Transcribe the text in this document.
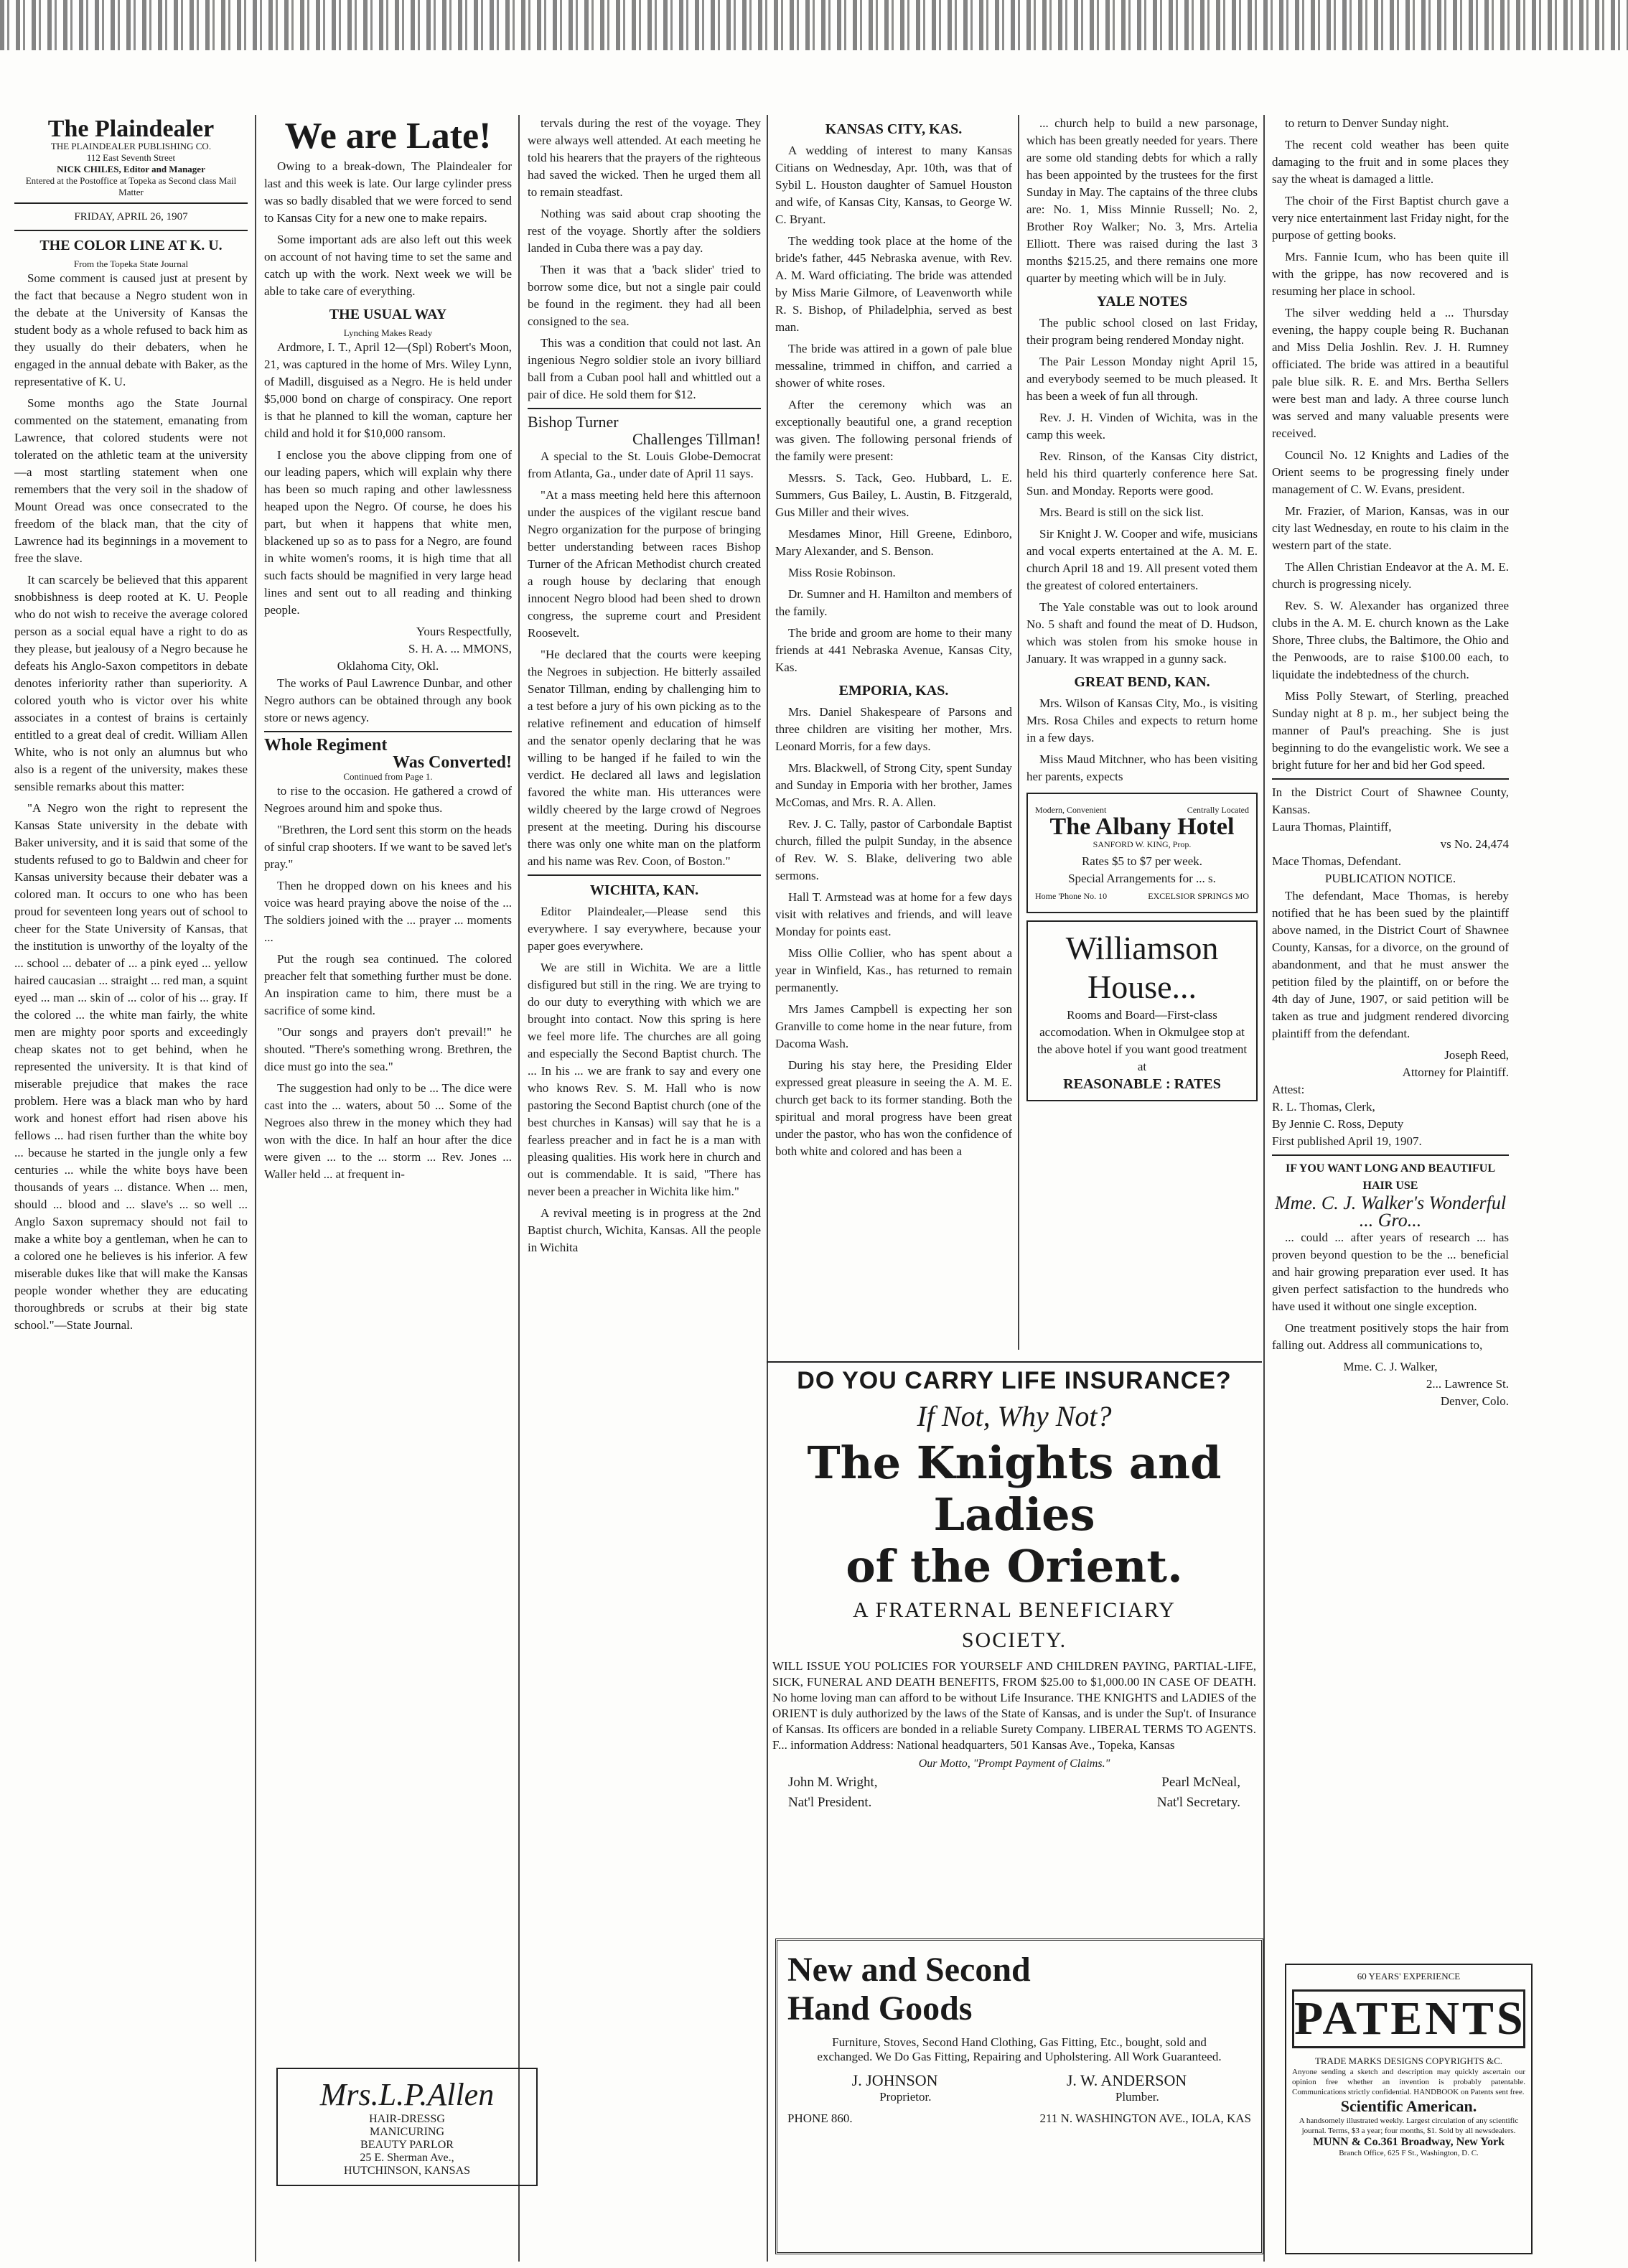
The Plaindealer
THE PLAINDEALER PUBLISHING CO.
112 East Seventh Street
NICK CHILES, Editor and Manager
Entered at the Postoffice at Topeka as Second class Mail Matter
FRIDAY, APRIL 26, 1907
THE COLOR LINE AT K. U.
From the Topeka State Journal

Some comment is caused just at present by the fact that because a Negro student won in the debate at the University of Kansas the student body as a whole refused to back him as they usually do their debaters, when he engaged in the annual debate with Baker, as the representative of K. U.

Some months ago the State Journal commented on the statement, emanating from Lawrence, that colored students were not tolerated on the athletic team at the university—a most startling statement when one remembers that the very soil in the shadow of Mount Oread was once consecrated to the freedom of the black man, that the city of Lawrence had its beginnings in a movement to free the slave.

It can scarcely be believed that this apparent snobbishness is deep rooted at K. U. People who do not wish to receive the average colored person as a social equal have a right to do as they please, but jealousy of a Negro because he defeats his Anglo-Saxon competitors in debate denotes inferiority rather than superiority. A colored youth who is victor over his white associates in a contest of brains is certainly entitled to a great deal of credit. William Allen White, who is not only an alumnus but who also is a regent of the university, makes these sensible remarks about this matter:

"A Negro won the right to represent the Kansas State university in the debate with Baker university, and it is said that some of the students refused to go to Baldwin and cheer for Kansas university because their debater was a colored man. It occurs to one who has been proud for seventeen long years out of school to cheer for the State University of Kansas, that the institution is unworthy of the loyalty of the ... school ... debater of ... a pink eyed ... yellow haired caucasian ... straight ... red man, a squint eyed ... man ... skin of ... color of his ... gray. If the colored ... the white man fairly, the white men are mighty poor sports and exceedingly cheap skates not to get behind, when he represented the university. It is that kind of miserable prejudice that makes the race problem. Here was a black man who by hard work and honest effort had risen above his fellows ... had risen further than the white boy ... because he started in the jungle only a few centuries ... while the white boys have been thousands of years ... distance. When ... men, should ... blood and ... slave's ... so well ... Anglo Saxon supremacy should not fail to make a white boy a gentleman, when he can to a colored one he believes is his inferior. A few miserable dukes like that will make the Kansas people wonder whether they are educating thoroughbreds or scrubs at their big state school."—State Journal.

We are Late!

Owing to a break-down, The Plaindealer for last and this week is late. Our large cylinder press was so badly disabled that we were forced to send to Kansas City for a new one to make repairs.

Some important ads are also left out this week on account of not having time to set the same and catch up with the work. Next week we will be able to take care of everything.

THE USUAL WAY
Lynching Makes Ready

Ardmore, I. T., April 12—(Spl) Robert's Moon, 21, was captured in the home of Mrs. Wiley Lynn, of Madill, disguised as a Negro. He is held under $5,000 bond on charge of conspiracy. One report is that he planned to kill the woman, capture her child and hold it for $10,000 ransom.

I enclose you the above clipping from one of our leading papers, which will explain why there has been so much raping and other lawlessness heaped upon the Negro. Of course, he does his part, but when it happens that white men, blackened up so as to pass for a Negro, are found in white women's rooms, it is high time that all such facts should be magnified in very large head lines and sent out to all reading and thinking people.

Yours Respectfully,
S. H. A. ... MMONS,
Oklahoma City, Okl.

The works of Paul Lawrence Dunbar, and other Negro authors can be obtained through any book store or news agency.

Whole Regiment
Was Converted!
Continued from Page 1.

to rise to the occasion. He gathered a crowd of Negroes around him and spoke thus.

"Brethren, the Lord sent this storm on the heads of sinful crap shooters. If we want to be saved let's pray."

Then he dropped down on his knees and his voice was heard praying above the noise of the ... The soldiers joined with the ... prayer ... moments ...

Put the rough sea continued. The colored preacher felt that something further must be done. An inspiration came to him, there must be a sacrifice of some kind.

"Our songs and prayers don't prevail!" he shouted. "There's something wrong. Brethren, the dice must go into the sea."

The suggestion had only to be ... The dice were cast into the ... waters, about 50 ... Some of the Negroes also threw in the money which they had won with the dice. In half an hour after the dice were given ... to the ... storm ... Rev. Jones ... Waller held ... at frequent in-

Mrs.L.P.Allen
HAIR-DRESSG
MANICURING
BEAUTY PARLOR
25 E. Sherman Ave.,
HUTCHINSON, KANSAS

tervals during the rest of the voyage. They were always well attended. At each meeting he told his hearers that the prayers of the righteous had saved the wicked. Then he urged them all to remain steadfast.

Nothing was said about crap shooting the rest of the voyage. Shortly after the soldiers landed in Cuba there was a pay day.

Then it was that a 'back slider' tried to borrow some dice, but not a single pair could be found in the regiment. they had all been consigned to the sea.

This was a condition that could not last. An ingenious Negro soldier stole an ivory billiard ball from a Cuban pool hall and whittled out a pair of dice. He sold them for $12.

Bishop Turner
Challenges Tillman!

A special to the St. Louis Globe-Democrat from Atlanta, Ga., under date of April 11 says.

"At a mass meeting held here this afternoon under the auspices of the vigilant rescue band Negro organization for the purpose of bringing better understanding between races Bishop Turner of the African Methodist church created a rough house by declaring that enough innocent Negro blood had been shed to drown congress, the supreme court and President Roosevelt.

"He declared that the courts were keeping the Negroes in subjection. He bitterly assailed Senator Tillman, ending by challenging him to a test before a jury of his own picking as to the relative refinement and education of himself and the senator openly declaring that he was willing to be hanged if he failed to win the verdict. He declared all laws and legislation favored the white man. His utterances were wildly cheered by the large crowd of Negroes present at the meeting. During his discourse there was only one white man on the platform and his name was Rev. Coon, of Boston."

WICHITA, KAN.

Editor Plaindealer,—Please send this everywhere. I say everywhere, because your paper goes everywhere.

We are still in Wichita. We are a little disfigured but still in the ring. We are trying to do our duty to everything with which we are brought into contact. Now this spring is here we feel more life. The churches are all going and especially the Second Baptist church. The ... In his ... we are frank to say and every one who knows Rev. S. M. Hall who is now pastoring the Second Baptist church (one of the best churches in Kansas) will say that he is a fearless preacher and in fact he is a man with pleasing qualities. His work here in church and out is commendable. It is said, "There has never been a preacher in Wichita like him."

A revival meeting is in progress at the 2nd Baptist church, Wichita, Kansas. All the people in Wichita

KANSAS CITY, KAS.

A wedding of interest to many Kansas Citians on Wednesday, Apr. 10th, was that of Sybil L. Houston daughter of Samuel Houston and wife, of Kansas City, Kansas, to George W. C. Bryant.

The wedding took place at the home of the bride's father, 445 Nebraska avenue, with Rev. A. M. Ward officiating. The bride was attended by Miss Marie Gilmore, of Leavenworth while R. S. Bishop, of Philadelphia, served as best man.

The bride was attired in a gown of pale blue messaline, trimmed in chiffon, and carried a shower of white roses.

After the ceremony which was an exceptionally beautiful one, a grand reception was given. The following personal friends of the family were present:

Messrs. S. Tack, Geo. Hubbard, L. E. Summers, Gus Bailey, L. Austin, B. Fitzgerald, Gus Miller and their wives.

Mesdames Minor, Hill Greene, Edinboro, Mary Alexander, and S. Benson.

Miss Rosie Robinson.

Dr. Sumner and H. Hamilton and members of the family.

The bride and groom are home to their many friends at 441 Nebraska Avenue, Kansas City, Kas.

EMPORIA, KAS.

Mrs. Daniel Shakespeare of Parsons and three children are visiting her mother, Mrs. Leonard Morris, for a few days.

Mrs. Blackwell, of Strong City, spent Sunday and Sunday in Emporia with her brother, James McComas, and Mrs. R. A. Allen.

Rev. J. C. Tally, pastor of Carbondale Baptist church, filled the pulpit Sunday, in the absence of Rev. W. S. Blake, delivering two able sermons.

Hall T. Armstead was at home for a few days visit with relatives and friends, and will leave Monday for points east.

Miss Ollie Collier, who has spent about a year in Winfield, Kas., has returned to remain permanently.

Mrs James Campbell is expecting her son Granville to come home in the near future, from Dacoma Wash.

During his stay here, the Presiding Elder expressed great pleasure in seeing the A. M. E. church get back to its former standing. Both the spiritual and moral progress have been great under the pastor, who has won the confidence of both white and colored and has been a

... church help to build a new parsonage, which has been greatly needed for years. There are some old standing debts for which a rally has been appointed by the trustees for the first Sunday in May. The captains of the three clubs are: No. 1, Miss Minnie Russell; No. 2, Brother Roy Walker; No. 3, Mrs. Artelia Elliott. There was raised during the last 3 months $215.25, and there remains one more quarter by meeting which will be in July.

YALE NOTES

The public school closed on last Friday, their program being rendered Monday night.

The Pair Lesson Monday night April 15, and everybody seemed to be much pleased. It has been a week of fun all through.

Rev. J. H. Vinden of Wichita, was in the camp this week.

Rev. Rinson, of the Kansas City district, held his third quarterly conference here Sat. Sun. and Monday. Reports were good.

Mrs. Beard is still on the sick list.

Sir Knight J. W. Cooper and wife, musicians and vocal experts entertained at the A. M. E. church April 18 and 19. All present voted them the greatest of colored entertainers.

The Yale constable was out to look around No. 5 shaft and found the meat of D. Hudson, which was stolen from his smoke house in January. It was wrapped in a gunny sack.

GREAT BEND, KAN.

Mrs. Wilson of Kansas City, Mo., is visiting Mrs. Rosa Chiles and expects to return home in a few days.

Miss Maud Mitchner, who has been visiting her parents, expects

Modern, Convenient	Centrally Located
The Albany Hotel
SANFORD W. KING, Prop.
Rates $5 to $7 per week.
Special Arrangements for ... s.
Home 'Phone No. 10	EXCELSIOR SPRINGS MO
Williamson
House...
Rooms and Board—First-class accomodation. When in Okmulgee stop at the above hotel if you want good treatment at
REASONABLE : RATES

to return to Denver Sunday night.

The recent cold weather has been quite damaging to the fruit and in some places they say the wheat is damaged a little.

The choir of the First Baptist church gave a very nice entertainment last Friday night, for the purpose of getting books.

Mrs. Fannie Icum, who has been quite ill with the grippe, has now recovered and is resuming her place in school.

The silver wedding held a ... Thursday evening, the happy couple being R. Buchanan and Miss Delia Joshlin. Rev. J. H. Rumney officiated. The bride was attired in a beautiful pale blue silk. R. E. and Mrs. Bertha Sellers were best man and lady. A three course lunch was served and many valuable presents were received.

Council No. 12 Knights and Ladies of the Orient seems to be progressing finely under management of C. W. Evans, president.

Mr. Frazier, of Marion, Kansas, was in our city last Wednesday, en route to his claim in the western part of the state.

The Allen Christian Endeavor at the A. M. E. church is progressing nicely.

Rev. S. W. Alexander has organized three clubs in the A. M. E. church known as the Lake Shore, Three clubs, the Baltimore, the Ohio and the Penwoods, are to raise $100.00 each, to liquidate the indebtedness of the church.

Miss Polly Stewart, of Sterling, preached Sunday night at 8 p. m., her subject being the manner of Paul's preaching. She is just beginning to do the evangelistic work. We see a bright future for her and bid her God speed.

In the District Court of Shawnee County, Kansas.
Laura Thomas, Plaintiff,
vs No. 24,474
Mace Thomas, Defendant.
PUBLICATION NOTICE.

The defendant, Mace Thomas, is hereby notified that he has been sued by the plaintiff above named, in the District Court of Shawnee County, Kansas, for a divorce, on the ground of abandonment, and that he must answer the petition filed by the plaintiff, on or before the 4th day of June, 1907, or said petition will be taken as true and judgment rendered divorcing plaintiff from the defendant.

Joseph Reed,
Attorney for Plaintiff.
Attest:
R. L. Thomas, Clerk,
By Jennie C. Ross, Deputy
First published April 19, 1907.
IF YOU WANT LONG AND BEAUTIFUL HAIR USE
Mme. C. J. Walker's Wonderful ... Gro...

... could ... after years of research ... has proven beyond question to be the ... beneficial and hair growing preparation ever used. It has given perfect satisfaction to the hundreds who have used it without one single exception.

One treatment positively stops the hair from falling out. Address all communications to,

Mme. C. J. Walker,
2... Lawrence St.
Denver, Colo.
DO YOU CARRY LIFE INSURANCE?
If Not, Why Not?
The Knights and Ladies
of the Orient.
A FRATERNAL BENEFICIARY
SOCIETY.
WILL ISSUE YOU POLICIES FOR YOURSELF AND CHILDREN PAYING, PARTIAL-LIFE, SICK, FUNERAL AND DEATH BENEFITS, FROM $25.00 to $1,000.00 IN CASE OF DEATH. No home loving man can afford to be without Life Insurance. THE KNIGHTS and LADIES of the ORIENT is duly authorized by the laws of the State of Kansas, and is under the Sup't. of Insurance of Kansas. Its officers are bonded in a reliable Surety Company. LIBERAL TERMS TO AGENTS. F... information Address: National headquarters, 501 Kansas Ave., Topeka, Kansas
Our Motto, "Prompt Payment of Claims."
John M. Wright,	Pearl McNeal,
Nat'l President.	Nat'l Secretary.
New and Second
Hand Goods
Furniture, Stoves, Second Hand Clothing, Gas Fitting, Etc., bought, sold and exchanged. We Do Gas Fitting, Repairing and Upholstering. All Work Guaranteed.
J. JOHNSON	J. W. ANDERSON
Proprietor.	Plumber.
PHONE 860.	211 N. WASHINGTON AVE., IOLA, KAS
60 YEARS' EXPERIENCE
PATENTS
TRADE MARKS DESIGNS COPYRIGHTS &C.
Anyone sending a sketch and description may quickly ascertain our opinion free whether an invention is probably patentable. Communications strictly confidential. HANDBOOK on Patents sent free.
Scientific American.
A handsomely illustrated weekly. Largest circulation of any scientific journal. Terms, $3 a year; four months, $1. Sold by all newsdealers.
MUNN & Co.361 Broadway, New York
Branch Office, 625 F St., Washington, D. C.
